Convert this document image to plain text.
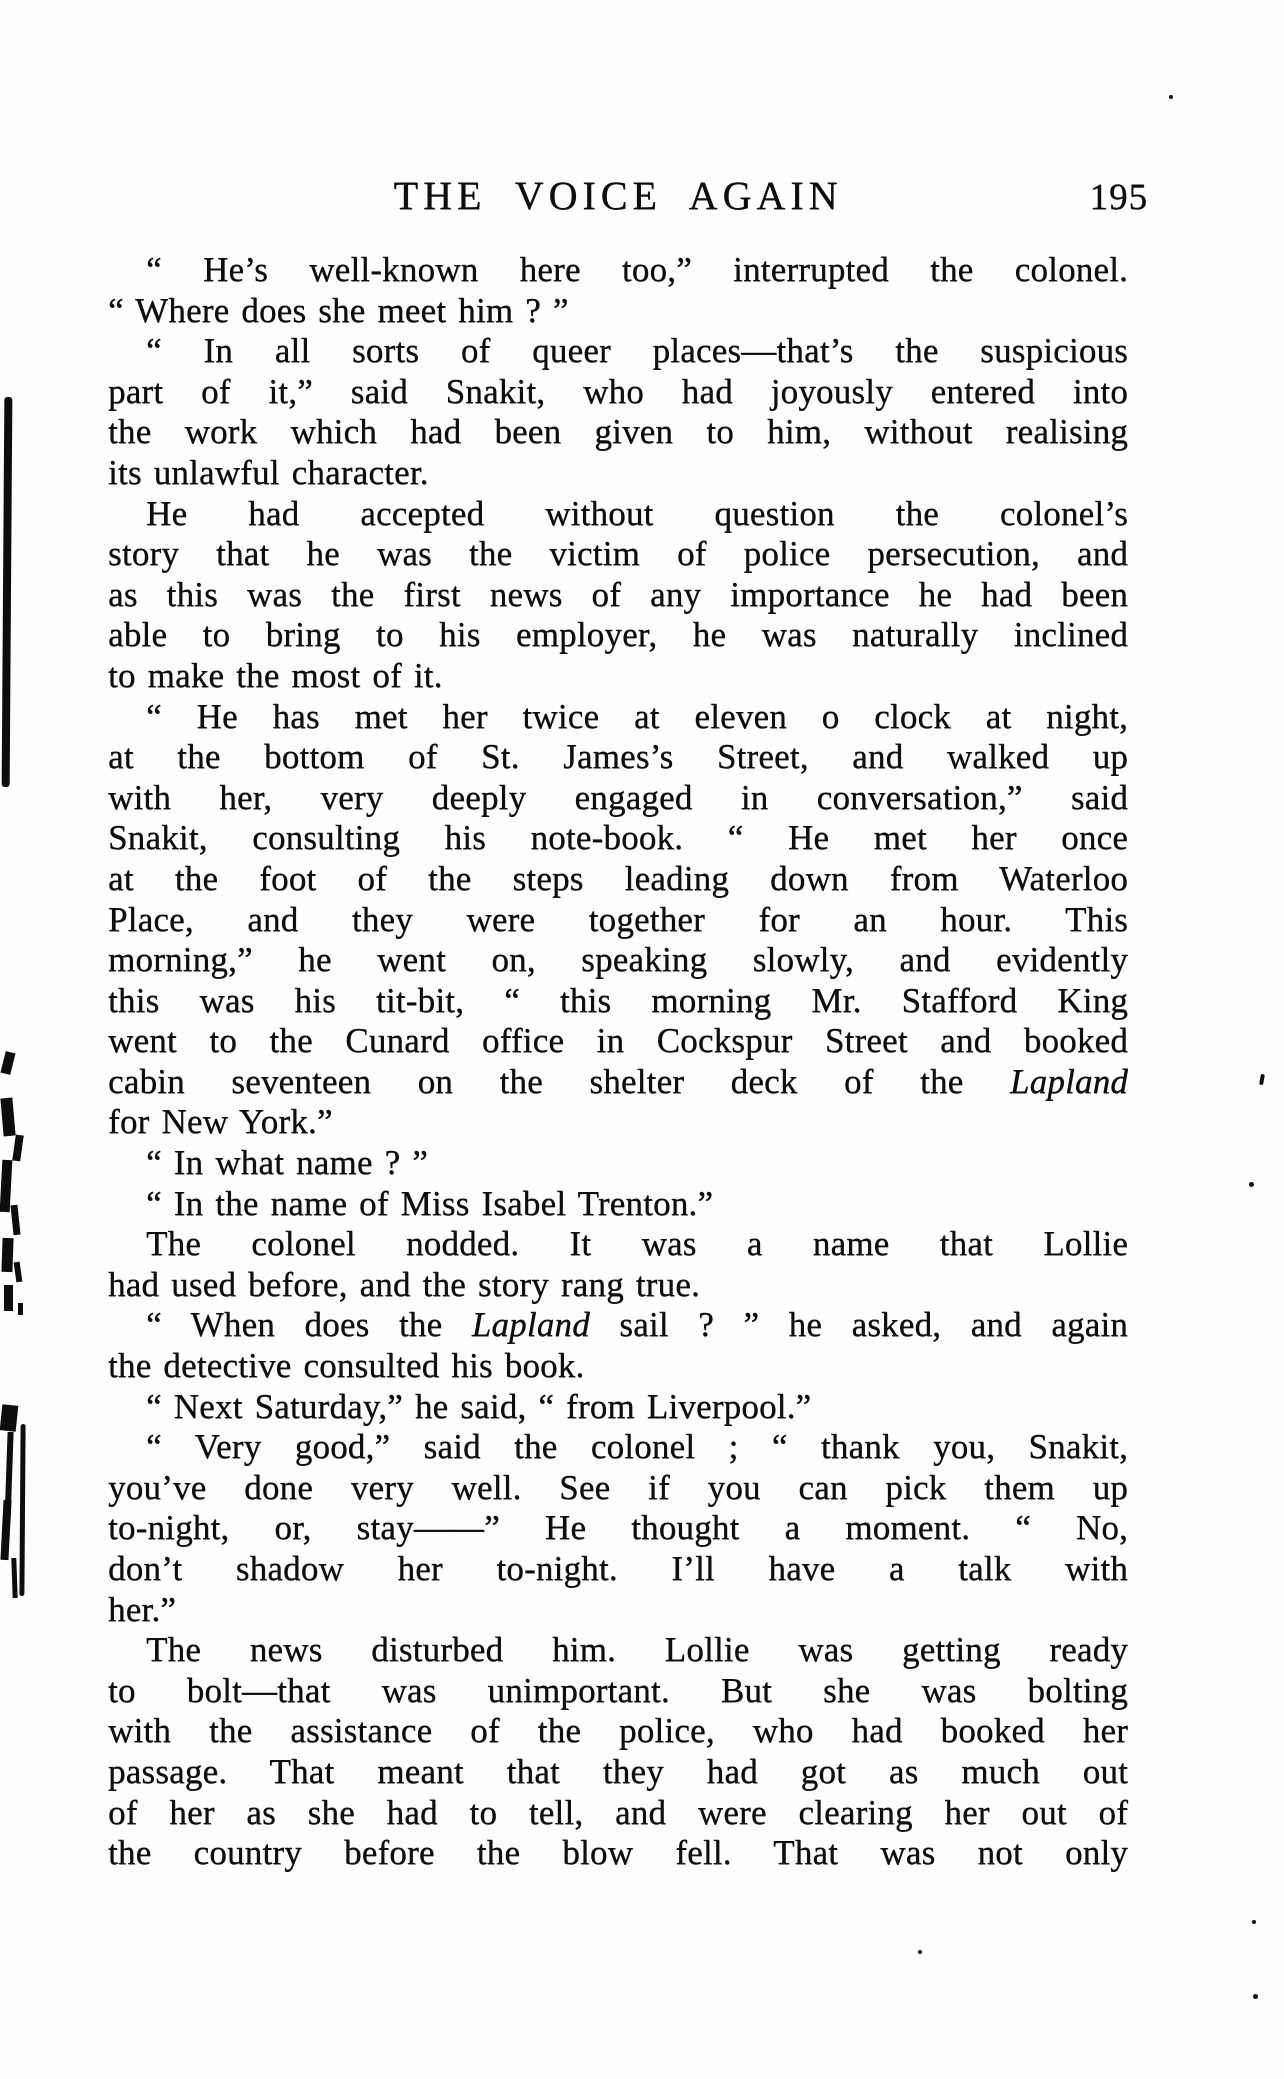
THE VOICE AGAIN	195
“ He’s well-known here too,” interrupted the colonel.
“ Where does she meet him ? ”
“ In all sorts of queer places—that’s the suspicious
part of it,” said Snakit, who had joyously entered into
the work which had been given to him, without realising
its unlawful character.
He had accepted without question the colonel’s
story that he was the victim of police persecution, and
as this was the first news of any importance he had been
able to bring to his employer, he was naturally inclined
to make the most of it.
“ He has met her twice at eleven o clock at night,
at the bottom of St. James’s Street, and walked up
with her, very deeply engaged in conversation,” said
Snakit, consulting his note-book. “ He met her once
at the foot of the steps leading down from Waterloo
Place, and they were together for an hour. This
morning,” he went on, speaking slowly, and evidently
this was his tit-bit, “ this morning Mr. Stafford King
went to the Cunard office in Cockspur Street and booked
cabin seventeen on the shelter deck of the Lapland
for New York.”
“ In what name ? ”
“ In the name of Miss Isabel Trenton.”
The colonel nodded. It was a name that Lollie
had used before, and the story rang true.
“ When does the Lapland sail ? ” he asked, and again
the detective consulted his book.
“ Next Saturday,” he said, “ from Liverpool.”
“ Very good,” said the colonel ; “ thank you, Snakit,
you’ve done very well. See if you can pick them up
to-night, or, stay——” He thought a moment. “ No,
don’t shadow her to-night. I’ll have a talk with
her.”
The news disturbed him. Lollie was getting ready
to bolt—that was unimportant. But she was bolting
with the assistance of the police, who had booked her
passage. That meant that they had got as much out
of her as she had to tell, and were clearing her out of
the country before the blow fell. That was not only
